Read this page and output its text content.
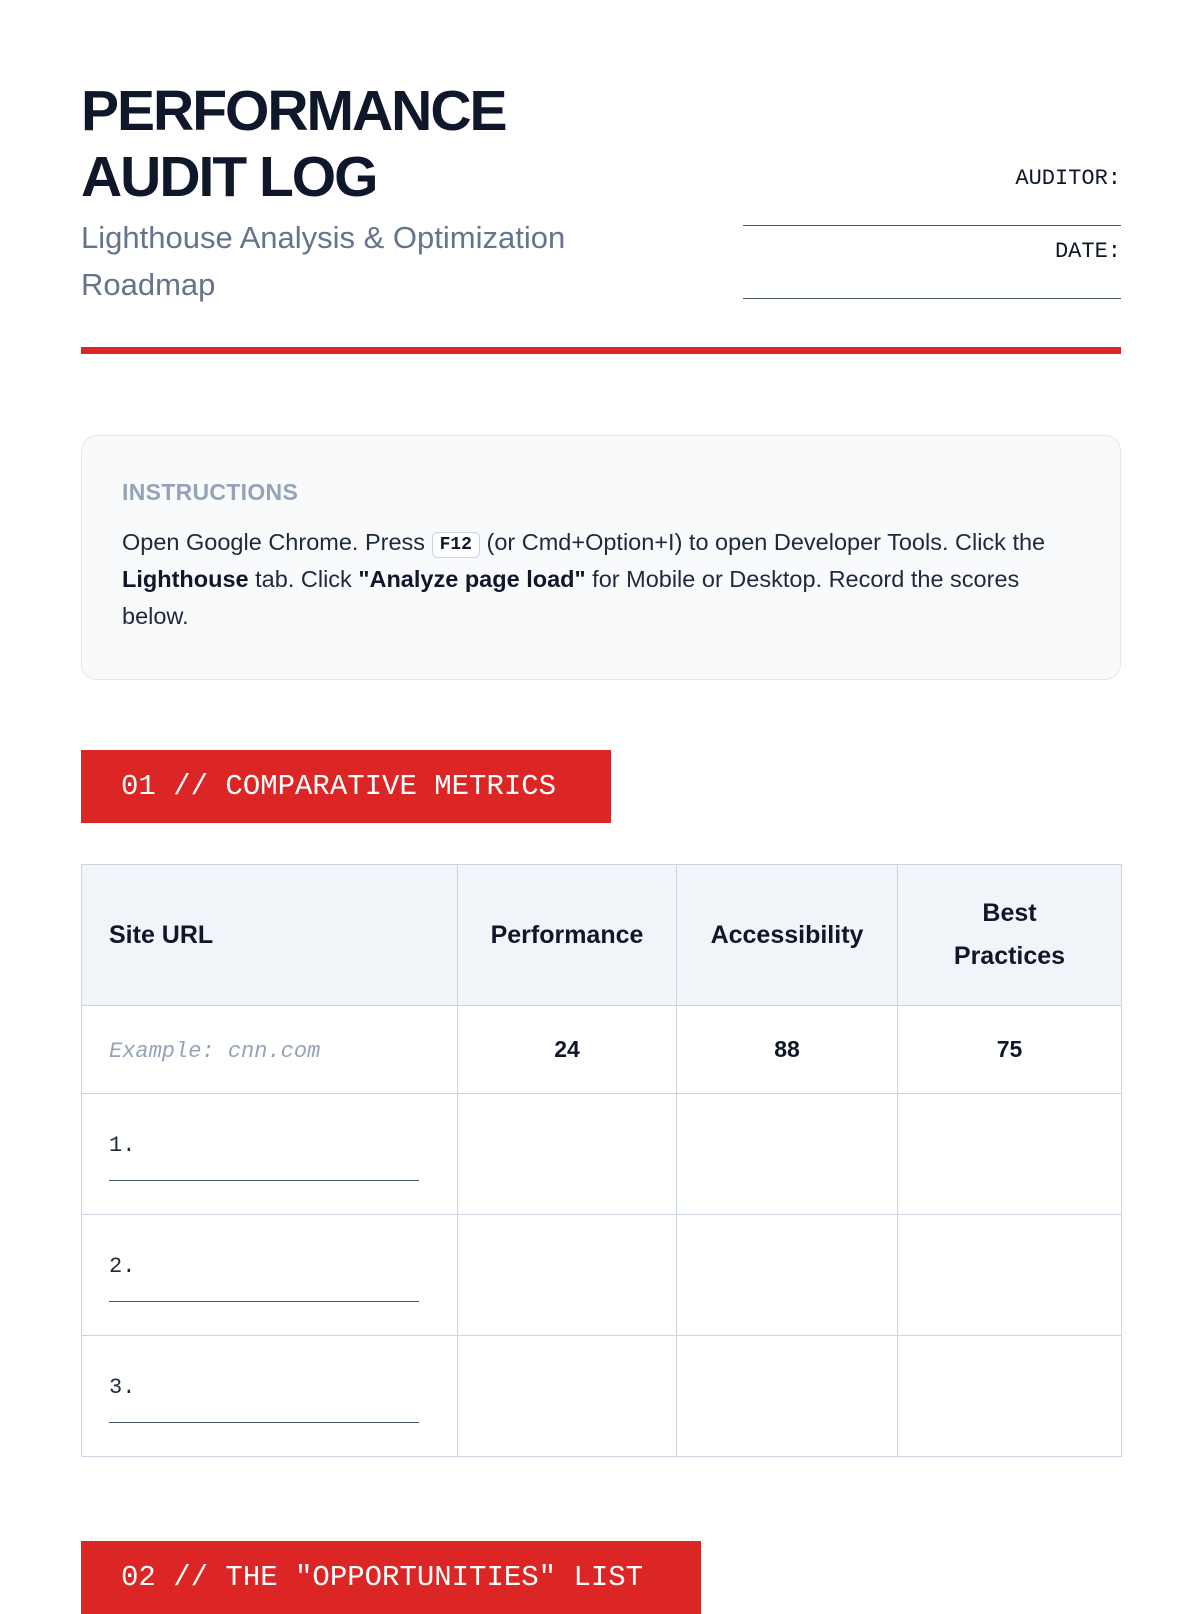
PERFORMANCE
AUDIT LOG

Lighthouse Analysis & Optimization Roadmap

AUDITOR:
DATE:
INSTRUCTIONS

Open Google Chrome. Press F12 (or Cmd+Option+I) to open Developer Tools. Click the Lighthouse tab. Click "Analyze page load" for Mobile or Desktop. Record the scores below.

01 // COMPARATIVE METRICS
Site URL	Performance	Accessibility	Best Practices
Example: cnn.com	24	88	75

1.			

2.			

3.			

02 // THE "OPPORTUNITIES" LIST
